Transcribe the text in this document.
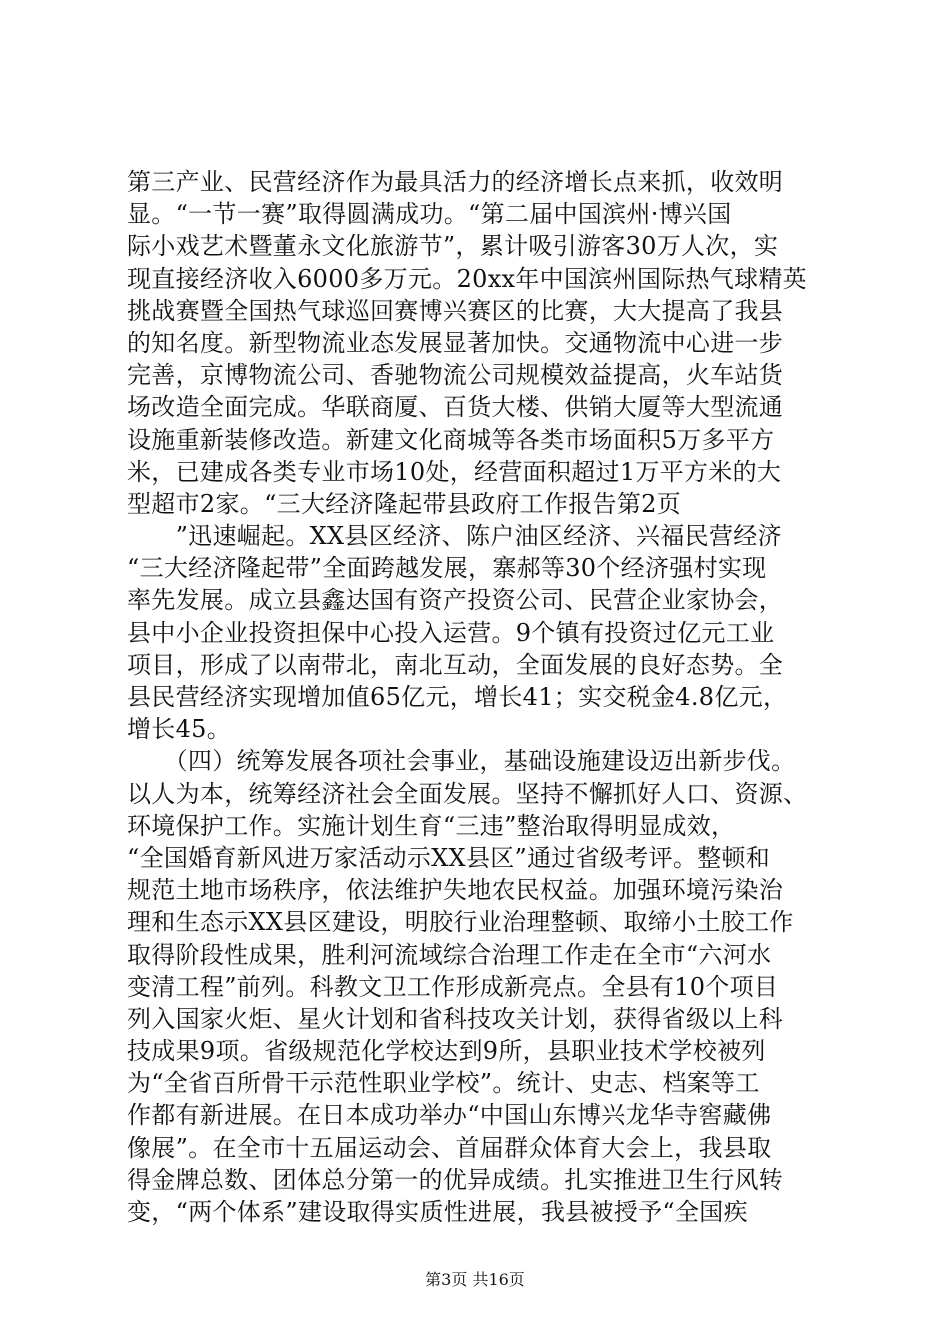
第三产业、民营经济作为最具活力的经济增长点来抓，收效明
显。“一节一赛”取得圆满成功。“第二届中国滨州·博兴国
际小戏艺术暨董永文化旅游节”，累计吸引游客30万人次，实
现直接经济收入6000多万元。20xx年中国滨州国际热气球精英
挑战赛暨全国热气球巡回赛博兴赛区的比赛，大大提高了我县
的知名度。新型物流业态发展显著加快。交通物流中心进一步
完善，京博物流公司、香驰物流公司规模效益提高，火车站货
场改造全面完成。华联商厦、百货大楼、供销大厦等大型流通
设施重新装修改造。新建文化商城等各类市场面积5万多平方
米，已建成各类专业市场10处，经营面积超过1万平方米的大
型超市2家。“三大经济隆起带县政府工作报告第2页
　　”迅速崛起。XX县区经济、陈户油区经济、兴福民营经济
“三大经济隆起带”全面跨越发展，寨郝等30个经济强村实现
率先发展。成立县鑫达国有资产投资公司、民营企业家协会，
县中小企业投资担保中心投入运营。9个镇有投资过亿元工业
项目，形成了以南带北，南北互动，全面发展的良好态势。全
县民营经济实现增加值65亿元，增长41；实交税金4.8亿元，
增长45。
　　（四）统筹发展各项社会事业，基础设施建设迈出新步伐。
以人为本，统筹经济社会全面发展。坚持不懈抓好人口、资源、
环境保护工作。实施计划生育“三违”整治取得明显成效，
“全国婚育新风进万家活动示XX县区”通过省级考评。整顿和
规范土地市场秩序，依法维护失地农民权益。加强环境污染治
理和生态示XX县区建设，明胶行业治理整顿、取缔小土胶工作
取得阶段性成果，胜利河流域综合治理工作走在全市“六河水
变清工程”前列。科教文卫工作形成新亮点。全县有10个项目
列入国家火炬、星火计划和省科技攻关计划，获得省级以上科
技成果9项。省级规范化学校达到9所，县职业技术学校被列
为“全省百所骨干示范性职业学校”。统计、史志、档案等工
作都有新进展。在日本成功举办“中国山东博兴龙华寺窖藏佛
像展”。在全市十五届运动会、首届群众体育大会上，我县取
得金牌总数、团体总分第一的优异成绩。扎实推进卫生行风转
变，“两个体系”建设取得实质性进展，我县被授予“全国疾
第3页 共16页
